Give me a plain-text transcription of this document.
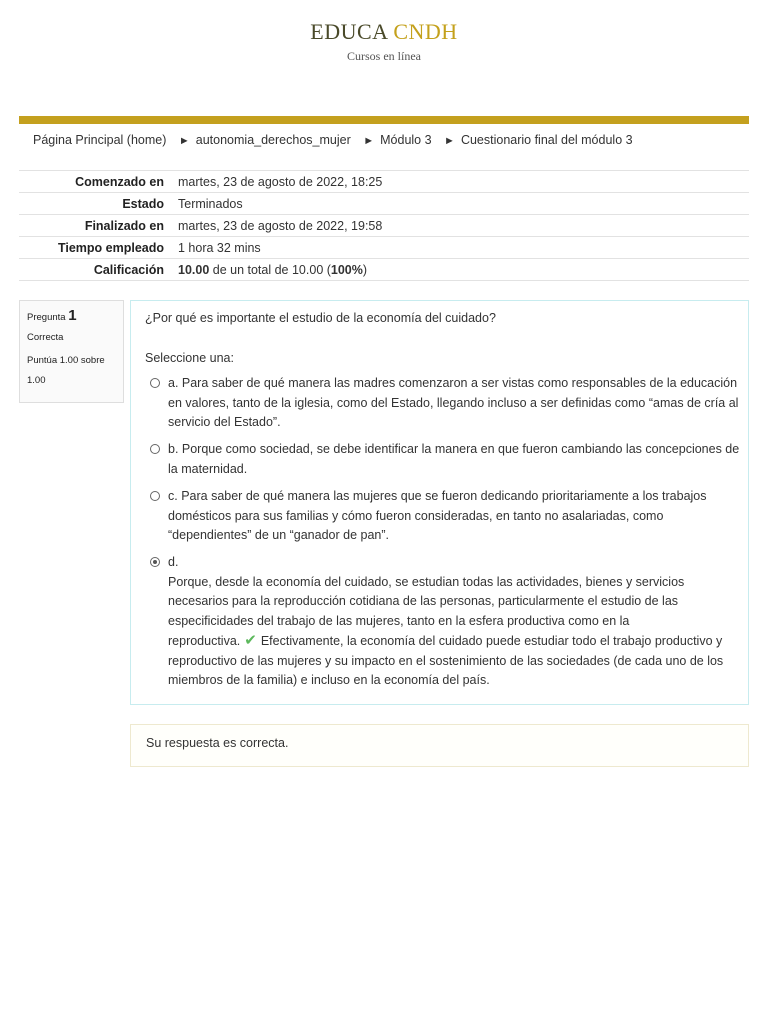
EDUCA CNDH
Cursos en línea
Página Principal (home) ► autonomia_derechos_mujer ► Módulo 3 ► Cuestionario final del módulo 3
Comenzado en	martes, 23 de agosto de 2022, 18:25
Estado	Terminados
Finalizado en	martes, 23 de agosto de 2022, 19:58
Tiempo empleado	1 hora 32 mins
Calificación	10.00 de un total de 10.00 (100%)
Pregunta 1
Correcta
Puntúa 1.00 sobre 1.00
¿Por qué es importante el estudio de la economía del cuidado?
Seleccione una:
a. Para saber de qué manera las madres comenzaron a ser vistas como responsables de la educación en valores, tanto de la iglesia, como del Estado, llegando incluso a ser definidas como “amas de cría al servicio del Estado”.
b. Porque como sociedad, se debe identificar la manera en que fueron cambiando las concepciones de la maternidad.
c. Para saber de qué manera las mujeres que se fueron dedicando prioritariamente a los trabajos domésticos para sus familias y cómo fueron consideradas, en tanto no asalariadas, como “dependientes” de un “ganador de pan”.
d.
Porque, desde la economía del cuidado, se estudian todas las actividades, bienes y servicios necesarios para la reproducción cotidiana de las personas, particularmente el estudio de las especificidades del trabajo de las mujeres, tanto en la esfera productiva como en la reproductiva. ✔ Efectivamente, la economía del cuidado puede estudiar todo el trabajo productivo y reproductivo de las mujeres y su impacto en el sostenimiento de las sociedades (de cada uno de los miembros de la familia) e incluso en la economía del país.
Su respuesta es correcta.
